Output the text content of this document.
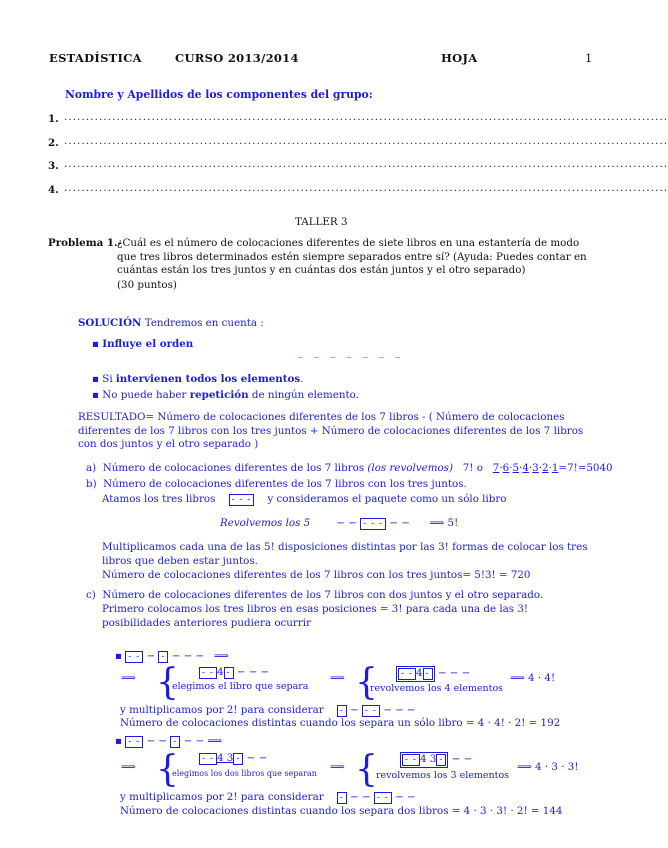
ESTADÍSTICA	CURSO 2013/2014	HOJA	1
Nombre y Apellidos de los componentes del grupo:
1. ..........................................................................................................................................
2. ..........................................................................................................................................
3. ..........................................................................................................................................
4. ..........................................................................................................................................
TALLER 3
Problema 1.-
¿Cuál es el número de colocaciones diferentes de siete libros en una estantería de modo que tres libros determinados estén siempre separados entre sí? (Ayuda: Puedes contar en cuántas están los tres juntos y en cuántas dos están juntos y el otro separado)
(30 puntos)
SOLUCIÓN Tendremos en cuenta :
▪ Influye el orden
_ _ _ _ _ _ _
▪ Si intervienen todos los elementos.
▪ No puede haber repetición de ningún elemento.
RESULTADO= Número de colocaciones diferentes de los 7 libros - ( Número de colocaciones diferentes de los 7 libros con los tres juntos + Número de colocaciones diferentes de los 7 libros con dos juntos y el otro separado )
a) Número de colocaciones diferentes de los 7 libros (los revolvemos) 7! o 7·6·5·4·3·2·1=7!=5040
b) Número de colocaciones diferentes de los 7 libros con los tres juntos.
Atamos los tres libros - - - y consideramos el paquete como un sólo libro
Revolvemos los 5        − − - - - − −      ⟹ 5!
Multiplicamos cada una de las 5! disposiciones distintas por las 3! formas de colocar los tres libros que deben estar juntos.
Número de colocaciones diferentes de los 7 libros con los tres juntos= 5!3! = 720
c) Número de colocaciones diferentes de los 7 libros con dos juntos y el otro separado.
Primero colocamos los tres libros en esas posiciones = 3! para cada una de las 3! posibilidades anteriores pudiera ocurrir
▪ - - − - − − −   ⟹
⟹ {	- - 4 - − − −
elegimos el libro que separa
⟹ {	- - 4 - − − −
revolvemos los 4 elementos
⟹ 4 · 4!
y multiplicamos por 2! para considerar - − - - − − −
Número de colocaciones distintas cuando los separa un sólo libro = 4 · 4! · 2! = 192
▪ - - − − - − − ⟹
⟹ {	- - 4 3 - − −
elegimos los dos libros que separan
⟹ {	- - 4 3 - − −
revolvemos los 3 elementos
⟹ 4 · 3 · 3!
y multiplicamos por 2! para considerar - − − - - − −
Número de colocaciones distintas cuando los separa dos libros = 4 · 3 · 3! · 2! = 144
